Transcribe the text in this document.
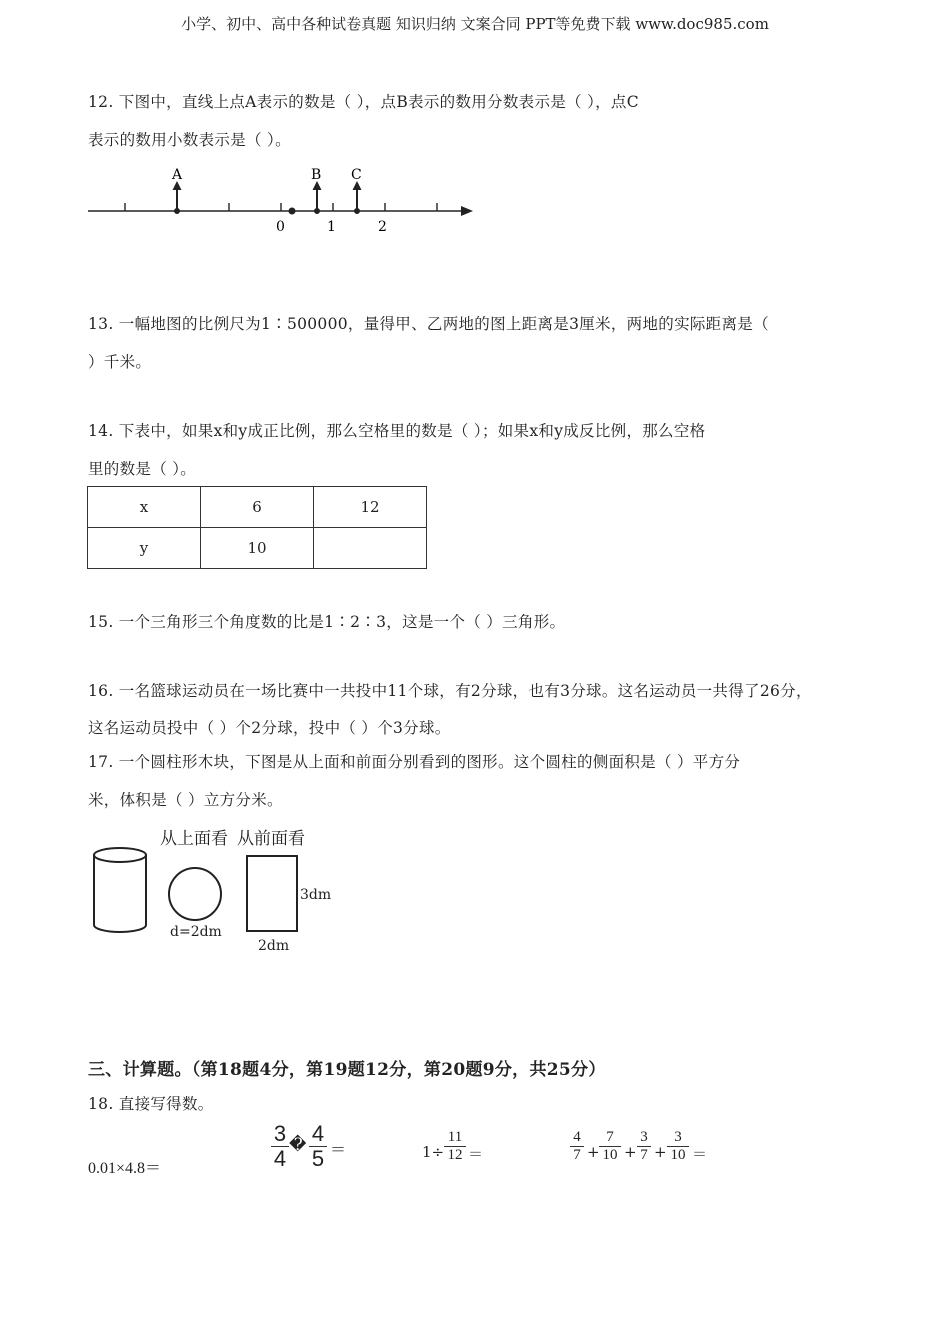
小学、初中、高中各种试卷真题 知识归纳 文案合同 PPT等免费下载 www.doc985.com
12. 下图中，直线上点A表示的数是（ ），点B表示的数用分数表示是（ ），点C
表示的数用小数表示是（ ）。
A	B C
0	1	2
13. 一幅地图的比例尺为1∶500000，量得甲、乙两地的图上距离是3厘米，两地的实际距离是（
）千米。
14. 下表中，如果x和y成正比例，那么空格里的数是（ ）；如果x和y成反比例，那么空格
里的数是（ ）。
x	6	12
y	10	
15. 一个三角形三个角度数的比是1∶2∶3，这是一个（ ）三角形。
16. 一名篮球运动员在一场比赛中一共投中11个球，有2分球，也有3分球。这名运动员一共得了26分，
这名运动员投中（ ）个2分球，投中（ ）个3分球。
17. 一个圆柱形木块，下图是从上面和前面分别看到的图形。这个圆柱的侧面积是（ ）平方分
米，体积是（ ）立方分米。
从上面看 从前面看
d=2dm
3dm
2dm
三、计算题。（第18题4分，第19题12分，第20题9分，共25分）
18. 直接写得数。
0.01×4.8＝	$\frac{3}{4}$ � $\frac{4}{5}$ ＝	$1\div \frac{11}{12}$ ＝	$\frac{4}{7} + \frac{7}{10} + \frac{3}{7} + \frac{3}{10}$ ＝
